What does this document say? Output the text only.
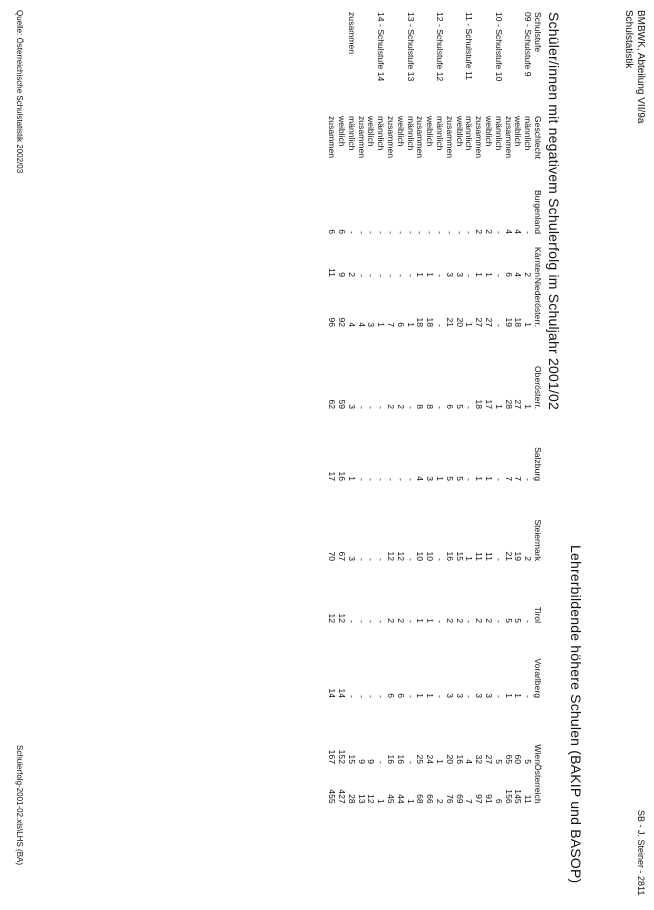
BMBWK, Abteilung VII/9a
Schulstatistik
SB - J. Steiner - 2811
Schüler/innen mit negativem Schulerfolg im Schuljahr 2001/02
Lehrerbildende höhere Schulen (BAKIP und BASOP)
Schulstufe	Geschlecht	Burgenland	Kärnten	Niederösterr.	Oberösterr.	Salzburg	Steiermark	Tirol	Vorarlberg	Wien	Österreich
09 - Schulstufe 9	männlich	-	2	1	1	-	2	-	-	5	11
	weiblich	4	4	18	27	7	19	5	1	60	145
	zusammen	4	6	19	28	7	21	5	1	65	156
10 - Schulstufe 10	männlich	-	-	-	1	-	-	-	-	5	6
	weiblich	2	1	27	17	1	11	2	3	27	91
	zusammen	2	1	27	18	1	11	2	3	32	97
11 - Schulstufe 11	männlich	-	-	1	-	-	1	-	-	4	7
	weiblich	-	3	20	5	5	15	2	3	16	69
	zusammen	-	3	21	6	5	16	2	3	20	76
12 - Schulstufe 12	männlich	-	-	-	-	1	-	-	-	1	2
	weiblich	-	1	18	8	3	10	1	1	24	66
	zusammen	-	1	18	8	4	10	1	1	25	68
13 - Schulstufe 13	männlich	-	-	1	-	-	-	-	-	-	1
	weiblich	-	-	6	2	-	12	2	6	16	44
	zusammen	-	-	7	2	-	12	2	6	16	45
14 - Schulstufe 14	männlich	-	-	1	-	-	-	-	-	-	1
	weiblich	-	-	3	-	-	-	-	-	9	12
	zusammen	-	-	4	-	-	-	-	-	9	13
zusammen	männlich	-	2	4	3	1	3	-	-	15	28
	weiblich	6	9	92	59	16	67	12	14	152	427
	zusammen	6	11	96	62	17	70	12	14	167	455
Quelle: Österreichische Schulstatistik 2002/03
Schulerfolg-2001-02.xls\LHS (BA)
